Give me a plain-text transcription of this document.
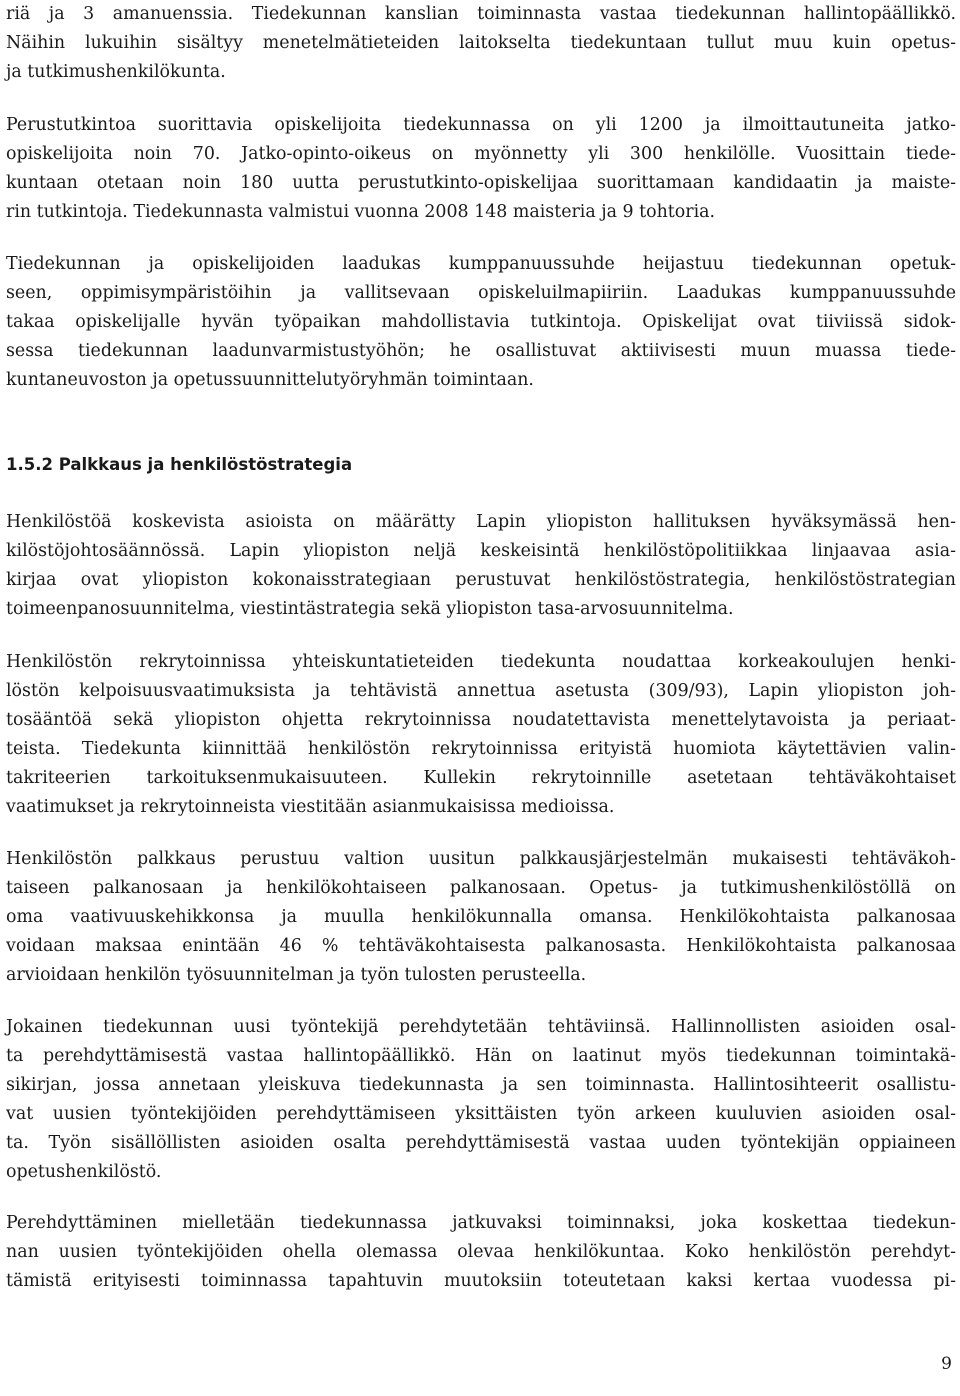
riä ja 3 amanuenssia. Tiedekunnan kanslian toiminnasta vastaa tiedekunnan hallintopäällikkö.
Näihin lukuihin sisältyy menetelmätieteiden laitokselta tiedekuntaan tullut muu kuin opetus-
ja tutkimushenkilökunta.
Perustutkintoa suorittavia opiskelijoita tiedekunnassa on yli 1200 ja ilmoittautuneita jatko-
opiskelijoita noin 70. Jatko-opinto-oikeus on myönnetty yli 300 henkilölle. Vuosittain tiede-
kuntaan otetaan noin 180 uutta perustutkinto-opiskelijaa suorittamaan kandidaatin ja maiste-
rin tutkintoja. Tiedekunnasta valmistui vuonna 2008 148 maisteria ja 9 tohtoria.
Tiedekunnan ja opiskelijoiden laadukas kumppanuussuhde heijastuu tiedekunnan opetuk-
seen, oppimisympäristöihin ja vallitsevaan opiskeluilmapiiriin. Laadukas kumppanuussuhde
takaa opiskelijalle hyvän työpaikan mahdollistavia tutkintoja. Opiskelijat ovat tiiviissä sidok-
sessa tiedekunnan laadunvarmistustyöhön; he osallistuvat aktiivisesti muun muassa tiede-
kuntaneuvoston ja opetussuunnittelutyöryhmän toimintaan.
1.5.2 Palkkaus ja henkilöstöstrategia
Henkilöstöä koskevista asioista on määrätty Lapin yliopiston hallituksen hyväksymässä hen-
kilöstöjohtosäännössä. Lapin yliopiston neljä keskeisintä henkilöstöpolitiikkaa linjaavaa asia-
kirjaa ovat yliopiston kokonaisstrategiaan perustuvat henkilöstöstrategia, henkilöstöstrategian
toimeenpanosuunnitelma, viestintästrategia sekä yliopiston tasa-arvosuunnitelma.
Henkilöstön rekrytoinnissa yhteiskuntatieteiden tiedekunta noudattaa korkeakoulujen henki-
löstön kelpoisuusvaatimuksista ja tehtävistä annettua asetusta (309/93), Lapin yliopiston joh-
tosääntöä sekä yliopiston ohjetta rekrytoinnissa noudatettavista menettelytavoista ja periaat-
teista. Tiedekunta kiinnittää henkilöstön rekrytoinnissa erityistä huomiota käytettävien valin-
takriteerien tarkoituksenmukaisuuteen. Kullekin rekrytoinnille asetetaan tehtäväkohtaiset
vaatimukset ja rekrytoinneista viestitään asianmukaisissa medioissa.
Henkilöstön palkkaus perustuu valtion uusitun palkkausjärjestelmän mukaisesti tehtäväkoh-
taiseen palkanosaan ja henkilökohtaiseen palkanosaan. Opetus- ja tutkimushenkilöstöllä on
oma vaativuuskehikkonsa ja muulla henkilökunnalla omansa. Henkilökohtaista palkanosaa
voidaan maksaa enintään 46 % tehtäväkohtaisesta palkanosasta. Henkilökohtaista palkanosaa
arvioidaan henkilön työsuunnitelman ja työn tulosten perusteella.
Jokainen tiedekunnan uusi työntekijä perehdytetään tehtäviinsä. Hallinnollisten asioiden osal-
ta perehdyttämisestä vastaa hallintopäällikkö. Hän on laatinut myös tiedekunnan toimintakä-
sikirjan, jossa annetaan yleiskuva tiedekunnasta ja sen toiminnasta. Hallintosihteerit osallistu-
vat uusien työntekijöiden perehdyttämiseen yksittäisten työn arkeen kuuluvien asioiden osal-
ta. Työn sisällöllisten asioiden osalta perehdyttämisestä vastaa uuden työntekijän oppiaineen
opetushenkilöstö.
Perehdyttäminen mielletään tiedekunnassa jatkuvaksi toiminnaksi, joka koskettaa tiedekun-
nan uusien työntekijöiden ohella olemassa olevaa henkilökuntaa. Koko henkilöstön perehdyt-
tämistä erityisesti toiminnassa tapahtuvin muutoksiin toteutetaan kaksi kertaa vuodessa pi-
9
